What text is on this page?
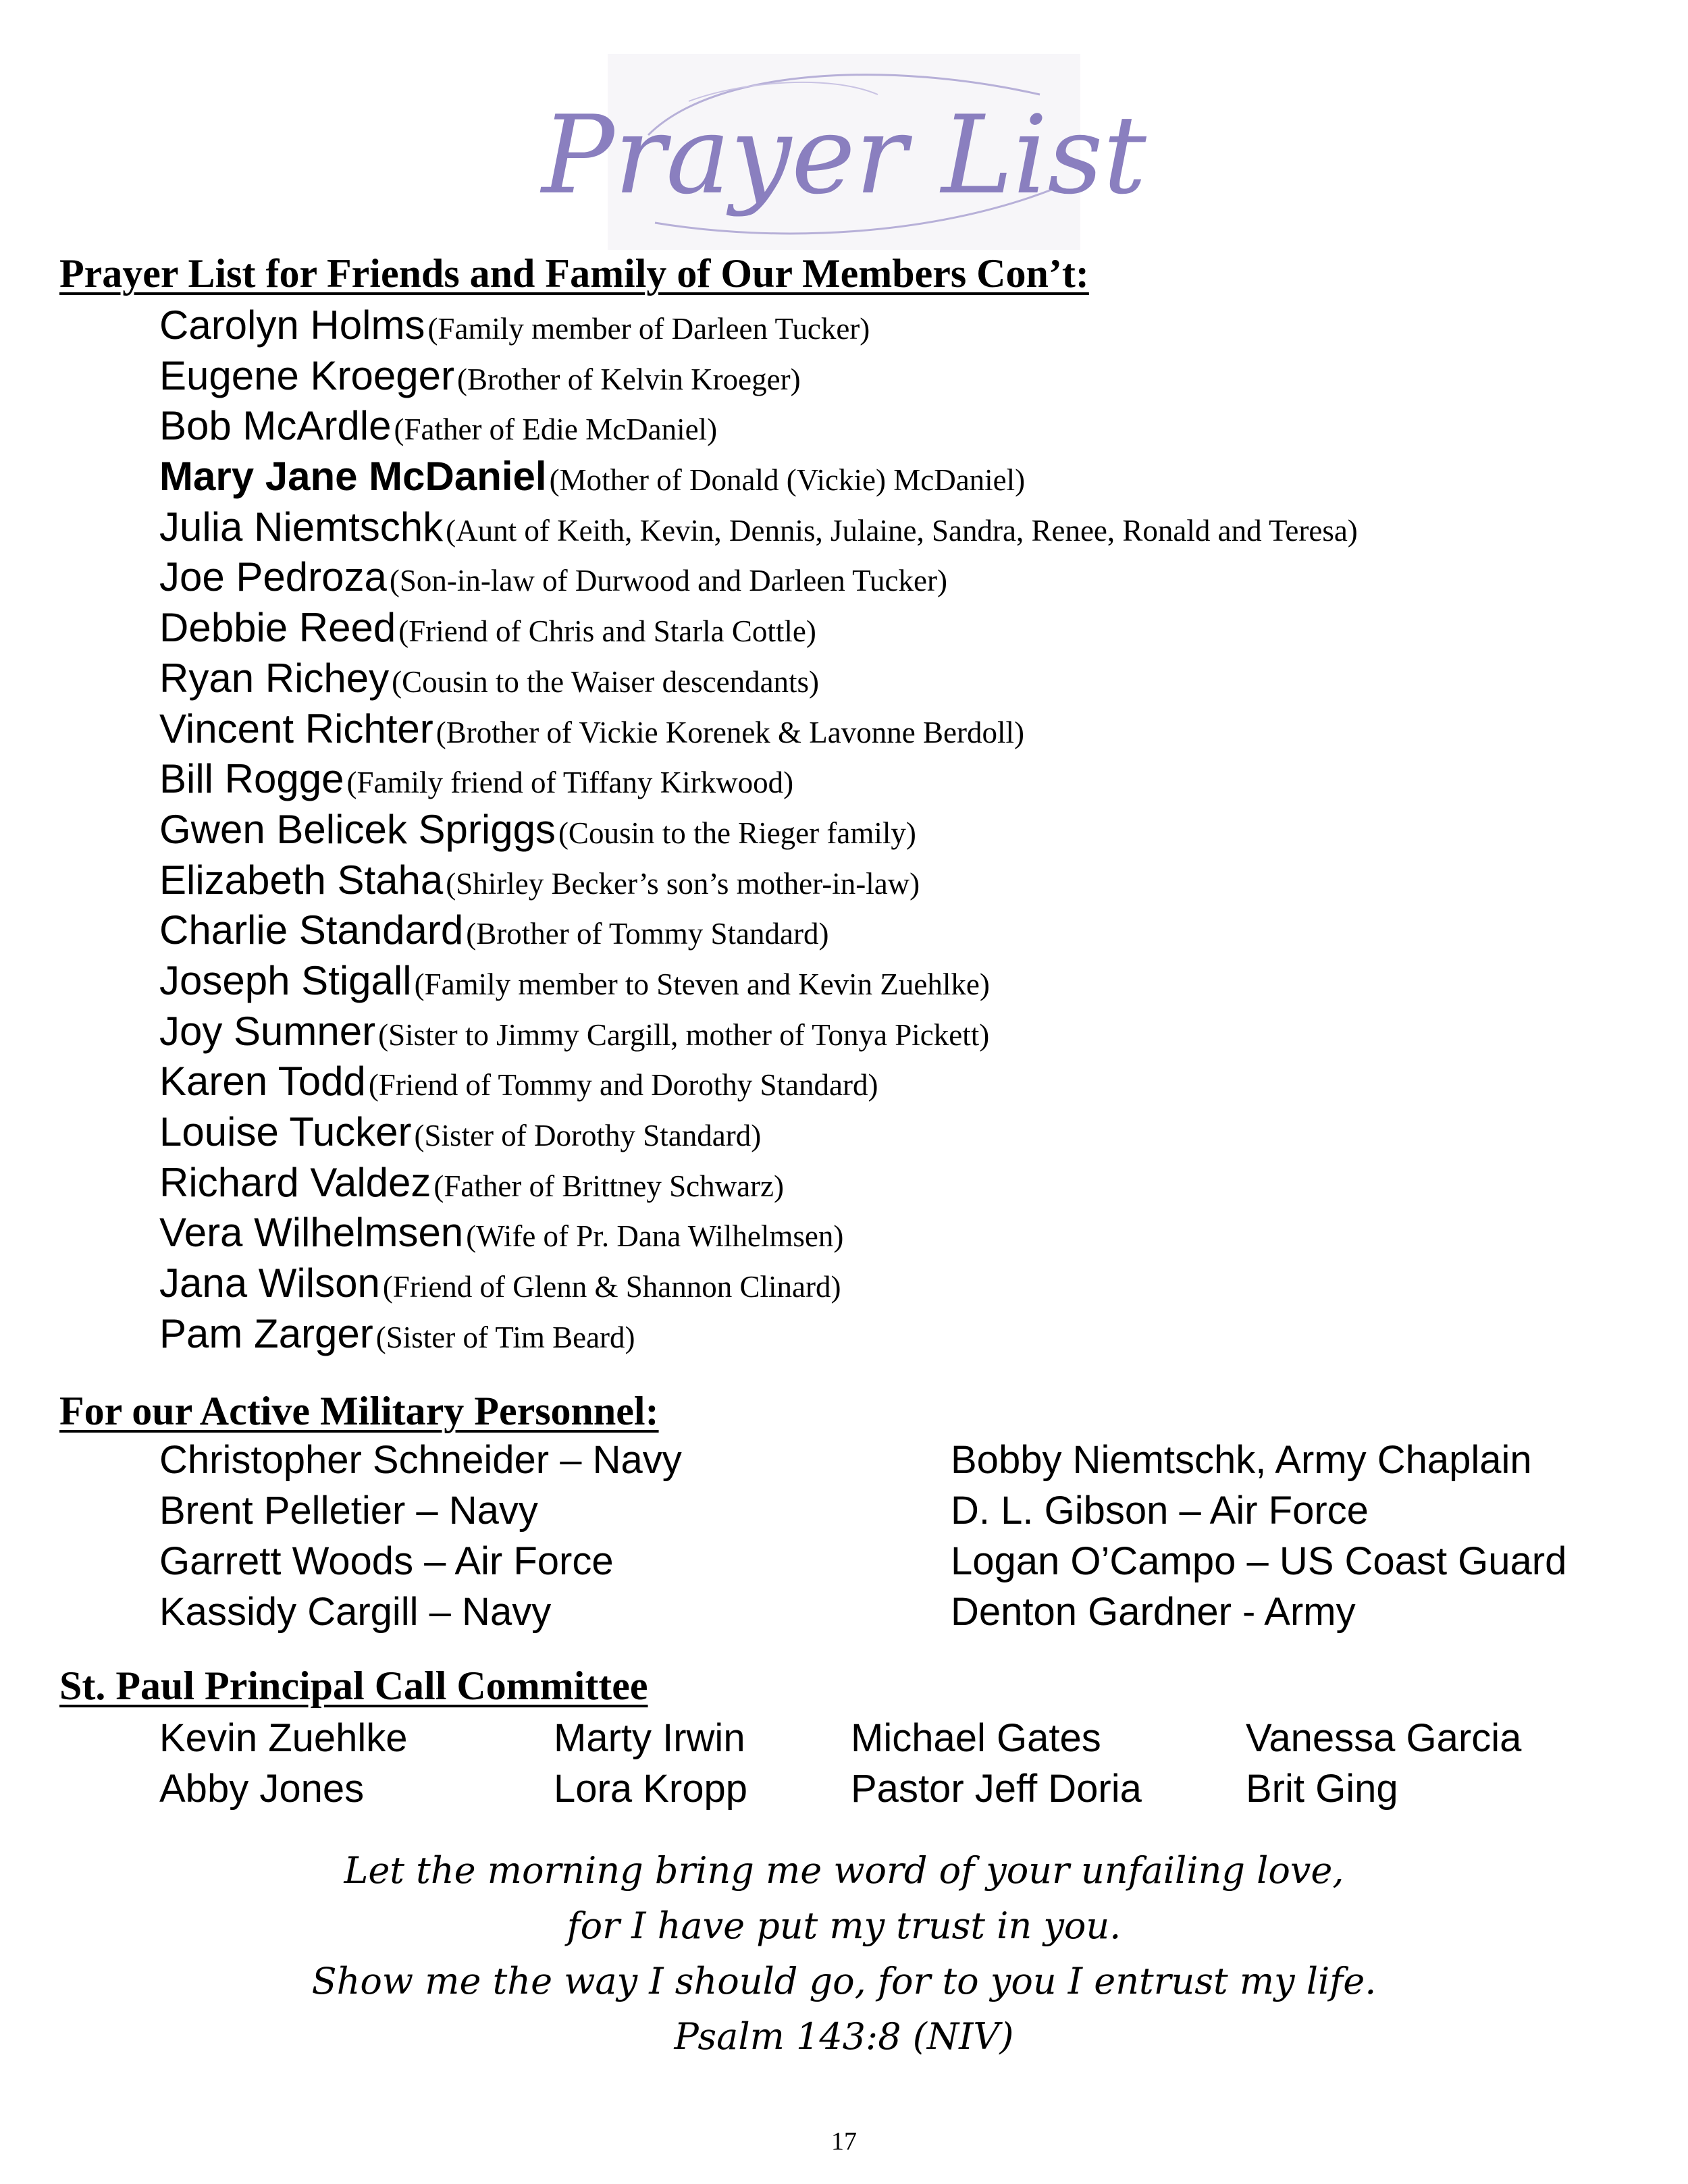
Prayer List
Prayer List for Friends and Family of Our Members Con’t:
Carolyn Holms (Family member of Darleen Tucker)
Eugene Kroeger (Brother of Kelvin Kroeger)
Bob McArdle (Father of Edie McDaniel)
Mary Jane McDaniel (Mother of Donald (Vickie) McDaniel)
Julia Niemtschk (Aunt of Keith, Kevin, Dennis, Julaine, Sandra, Renee, Ronald and Teresa)
Joe Pedroza (Son-in-law of Durwood and Darleen Tucker)
Debbie Reed (Friend of Chris and Starla Cottle)
Ryan Richey (Cousin to the Waiser descendants)
Vincent Richter (Brother of Vickie Korenek & Lavonne Berdoll)
Bill Rogge (Family friend of Tiffany Kirkwood)
Gwen Belicek Spriggs (Cousin to the Rieger family)
Elizabeth Staha (Shirley Becker’s son’s mother-in-law)
Charlie Standard (Brother of Tommy Standard)
Joseph Stigall (Family member to Steven and Kevin Zuehlke)
Joy Sumner (Sister to Jimmy Cargill, mother of Tonya Pickett)
Karen Todd (Friend of Tommy and Dorothy Standard)
Louise Tucker (Sister of Dorothy Standard)
Richard Valdez (Father of Brittney Schwarz)
Vera Wilhelmsen (Wife of Pr. Dana Wilhelmsen)
Jana Wilson (Friend of Glenn & Shannon Clinard)
Pam Zarger (Sister of Tim Beard)
For our Active Military Personnel:
Christopher Schneider – Navy
Brent Pelletier – Navy
Garrett Woods – Air Force
Kassidy Cargill – Navy
Bobby Niemtschk, Army Chaplain
D. L. Gibson – Air Force
Logan O’Campo – US Coast Guard
Denton Gardner - Army
St. Paul Principal Call Committee
Kevin Zuehlke
Abby Jones
Marty Irwin
Lora Kropp
Michael Gates
Pastor Jeff Doria
Vanessa Garcia
Brit Ging
Let the morning bring me word of your unfailing love,
for I have put my trust in you.
Show me the way I should go, for to you I entrust my life.
Psalm 143:8 (NIV)
17
